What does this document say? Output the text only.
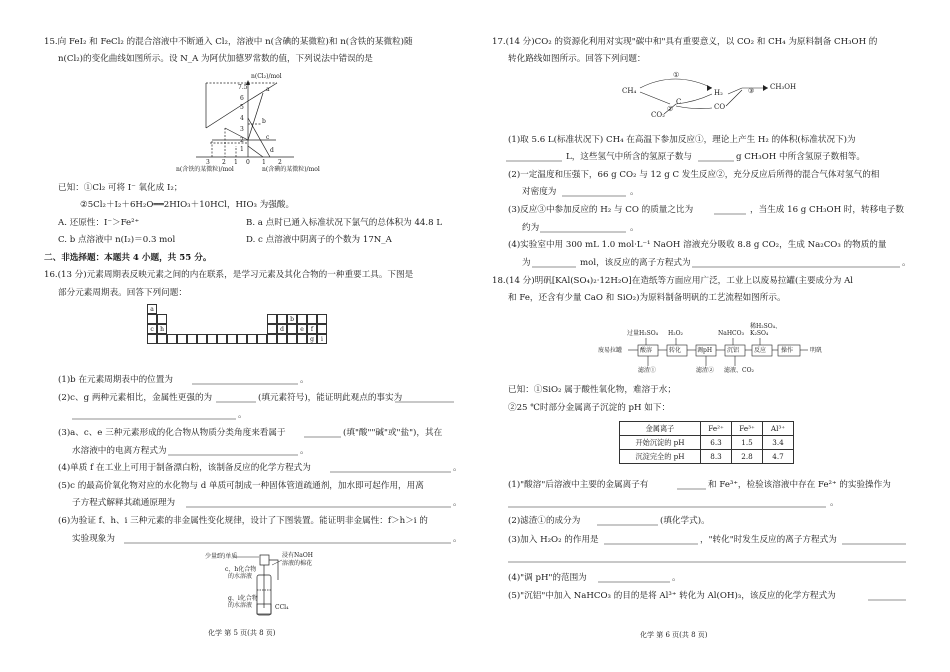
15.向 FeI₂ 和 FeCl₂ 的混合溶液中不断通入 Cl₂，溶液中 n(含碘的某微粒)和 n(含铁的某微粒)随
n(Cl₂)的变化曲线如图所示。设 N_A 为阿伏加德罗常数的值，下列说法中错误的是
n(Cl₂)/mol
7.5
6
5
4
3
2
1
3 2 1 0 1 2
a
b
c
d
n(含铁的某微粒)/mol	n(含碘的某微粒)/mol
已知：①Cl₂ 可将 I⁻ 氧化成 I₂；
②5Cl₂＋I₂＋6H₂O══2HIO₃＋10HCl，HIO₃ 为强酸。
A. 还原性：I⁻＞Fe²⁺	B. a 点时已通入标准状况下氯气的总体积为 44.8 L
C. b 点溶液中 n(I₂)＝0.3 mol	D. c 点溶液中阴离子的个数为 17N_A
二、非选择题：本题共 4 小题，共 55 分。
16.(13 分)元素周期表反映元素之间的内在联系，是学习元素及其化合物的一种重要工具。下图是
部分元素周期表。回答下列问题：
a
c	h
g	i
b
d	e	f
(1)b 在元素周期表中的位置为	。
(2)c、g 两种元素相比，金属性更强的为	(填元素符号)，能证明此观点的事实为
。
(3)a、c、e 三种元素形成的化合物从物质分类角度来看属于	(填"酸""碱"或"盐")，其在
水溶液中的电离方程式为	。
(4)单质 f 在工业上可用于制备漂白粉，该制备反应的化学方程式为	。
(5)c 的最高价氧化物对应的水化物与 d 单质可制成一种固体管道疏通剂，加水即可起作用，用离
子方程式解释其疏通原理为	。
(6)为验证 f、h、i 三种元素的非金属性变化规律，设计了下图装置。能证明非金属性：f＞h＞i 的
实验现象为	。
少量f的单质	浸有NaOH
溶液的棉花
c、h化合物
的水溶液
g、i化合物
的水溶液	CCl₄
化学 第 5 页(共 8 页)
17.(14 分)CO₂ 的资源化利用对实现"碳中和"具有重要意义，以 CO₂ 和 CH₄ 为原料制备 CH₃OH 的
转化路线如图所示。回答下列问题：
CH₄
C
CO₂
H₂
CO
CH₃OH
①
②
③
(1)取 5.6 L(标准状况下) CH₄ 在高温下参加反应①，理论上产生 H₂ 的体积(标准状况下)为
L，这些氢气中所含的氢原子数与	g CH₃OH 中所含氢原子数相等。
(2)一定温度和压强下，66 g CO₂ 与 12 g C 发生反应②，充分反应后所得的混合气体对氢气的相
对密度为	。
(3)反应③中参加反应的 H₂ 与 CO 的质量之比为	，当生成 16 g CH₃OH 时，转移电子数
约为	。
(4)实验室中用 300 mL 1.0 mol·L⁻¹ NaOH 溶液充分吸收 8.8 g CO₂，生成 Na₂CO₃ 的物质的量
为	mol，该反应的离子方程式为	。
18.(14 分)明矾[KAl(SO₄)₂·12H₂O]在造纸等方面应用广泛，工业上以废易拉罐(主要成分为 Al
和 Fe，还含有少量 CaO 和 SiO₂)为原料制备明矾的工艺流程如图所示。
废易拉罐	酸溶	转化	调pH 沉铝 反应 操作	明矾
过量H₂SO₄ H₂O₂	NaHCO₃
稀H₂SO₄、
K₂SO₄
滤渣①	滤渣② 滤液、CO₂
已知：①SiO₂ 属于酸性氧化物，难溶于水；
②25 ℃时部分金属离子沉淀的 pH 如下：
金属离子	Fe²⁺	Fe³⁺	Al³⁺
开始沉淀的 pH	6.3	1.5	3.4
沉淀完全的 pH	8.3	2.8	4.7
(1)"酸溶"后溶液中主要的金属离子有	和 Fe³⁺，检验该溶液中存在 Fe²⁺ 的实验操作为
。
(2)滤渣①的成分为	(填化学式)。
(3)加入 H₂O₂ 的作用是	，"转化"时发生反应的离子方程式为
(4)"调 pH"的范围为	。
(5)"沉铝"中加入 NaHCO₃ 的目的是将 Al³⁺ 转化为 Al(OH)₃，该反应的化学方程式为
化学 第 6 页(共 8 页)
